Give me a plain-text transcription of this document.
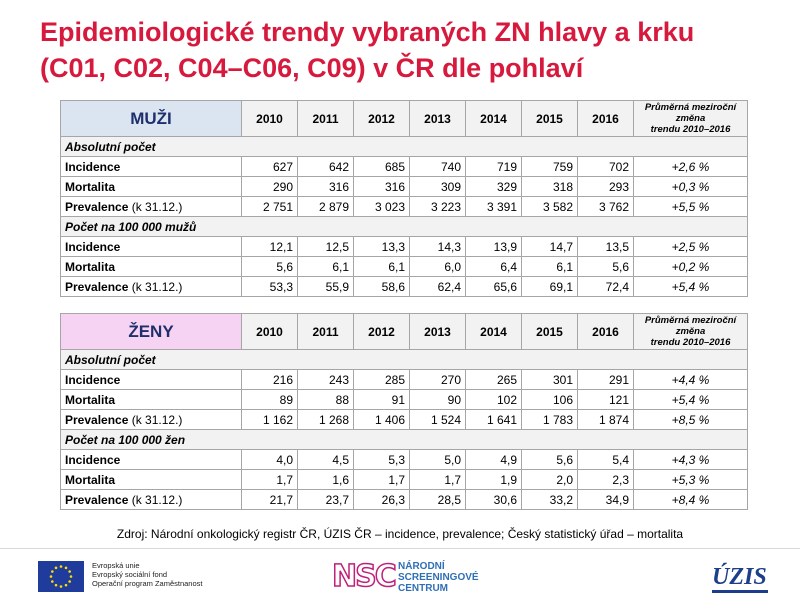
Epidemiologické trendy vybraných ZN hlavy a krku
(C01, C02, C04–C06, C09) v ČR dle pohlaví
MUŽI	2010	2011	2012	2013	2014	2015	2016	Průměrná meziroční
změna
trendu 2010–2016

Absolutní počet								
Incidence	627	642	685	740	719	759	702	+2,6 %
Mortalita	290	316	316	309	329	318	293	+0,3 %
Prevalence (k 31.12.)	2 751	2 879	3 023	3 223	3 391	3 582	3 762	+5,5 %
Počet na 100 000 mužů								
Incidence	12,1	12,5	13,3	14,3	13,9	14,7	13,5	+2,5 %
Mortalita	5,6	6,1	6,1	6,0	6,4	6,1	5,6	+0,2 %
Prevalence (k 31.12.)	53,3	55,9	58,6	62,4	65,6	69,1	72,4	+5,4 %
ŽENY	2010	2011	2012	2013	2014	2015	2016	Průměrná meziroční
změna
trendu 2010–2016

Absolutní počet								
Incidence	216	243	285	270	265	301	291	+4,4 %
Mortalita	89	88	91	90	102	106	121	+5,4 %
Prevalence (k 31.12.)	1 162	1 268	1 406	1 524	1 641	1 783	1 874	+8,5 %
Počet na 100 000 žen								
Incidence	4,0	4,5	5,3	5,0	4,9	5,6	5,4	+4,3 %
Mortalita	1,7	1,6	1,7	1,7	1,9	2,0	2,3	+5,3 %
Prevalence (k 31.12.)	21,7	23,7	26,3	28,5	30,6	33,2	34,9	+8,4 %
Zdroj: Národní onkologický registr ČR, ÚZIS ČR – incidence, prevalence; Český statistický úřad – mortalita
Evropská unie
Evropský sociální fond
Operační program Zaměstnanost	NSC NÁRODNÍ
SCREENINGOVÉ
CENTRUM	ÚZIS
